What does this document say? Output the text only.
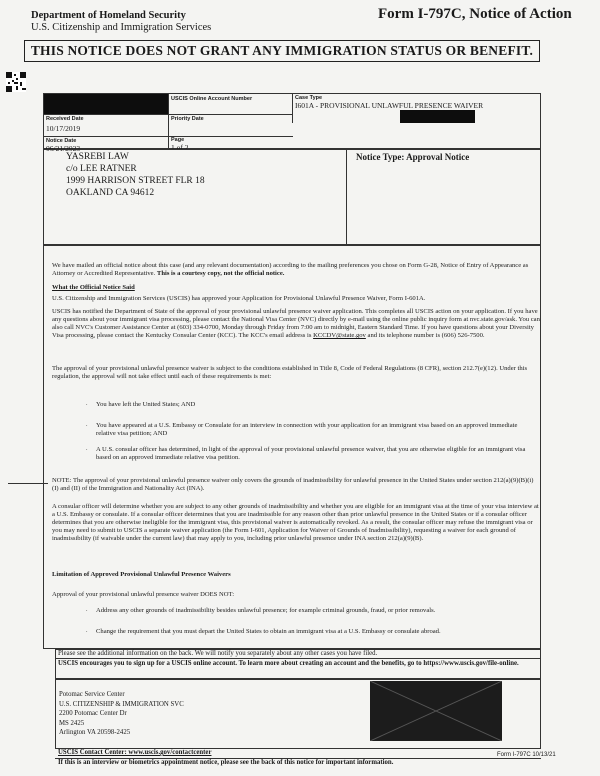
Department of Homeland Security
U.S. Citizenship and Immigration Services
Form I-797C, Notice of Action
THIS NOTICE DOES NOT GRANT ANY IMMIGRATION STATUS OR BENEFIT.
USCIS Online Account Number	Case Type
I601A - PROVISIONAL UNLAWFUL PRESENCE WAIVER
Received Date
10/17/2019
Priority Date
Notice Date
06/21/2023
Page
1 of 2
YASREBI LAW
c/o LEE RATNER
1999 HARRISON STREET FLR 18
OAKLAND CA 94612
Notice Type: Approval Notice

We have mailed an official notice about this case (and any relevant documentation) according to the mailing preferences you chose on Form G-28, Notice of Entry of Appearance as Attorney or Accredited Representative. This is a courtesy copy, not the official notice.

What the Official Notice Said
U.S. Citizenship and Immigration Services (USCIS) has approved your Application for Provisional Unlawful Presence Waiver, Form I-601A.

USCIS has notified the Department of State of the approval of your provisional unlawful presence waiver application. This completes all USCIS action on your application. If you have any questions about your immigrant visa processing, please contact the National Visa Center (NVC) directly by e-mail using the online public inquiry form at nvc.state.gov/ask. You can also call NVC's Customer Assistance Center at (603) 334-0700, Monday through Friday from 7:00 am to midnight, Eastern Standard Time. If you have questions about your Diversity Visa processing, please contact the Kentucky Consular Center (KCC). The KCC's email address is KCCDV@state.gov and its telephone number is (606) 526-7500.

The approval of your provisional unlawful presence waiver is subject to the conditions established in Title 8, Code of Federal Regulations (8 CFR), section 212.7(e)(12). Under this regulation, the approval will not take effect until each of these requirements is met:
. You have left the United States; AND
. You have appeared at a U.S. Embassy or Consulate for an interview in connection with your application for an immigrant visa based on an approved immediate relative visa petition; AND
. A U.S. consular officer has determined, in light of the approval of your provisional unlawful presence waiver, that you are otherwise eligible for an immigrant visa based on an approved immediate relative visa petition.
NOTE: The approval of your provisional unlawful presence waiver only covers the grounds of inadmissibility for unlawful presence in the United States under section 212(a)(9)(B)(i)(I) and (II) of the Immigration and Nationality Act (INA).
A consular officer will determine whether you are subject to any other grounds of inadmissibility and whether you are eligible for an immigrant visa at the time of your visa interview at a U.S. Embassy or consulate. If a consular officer determines that you are inadmissible for any reason other than prior unlawful presence in the United States or if a consular officer determines that you are otherwise ineligible for the immigrant visa, this provisional waiver is automatically revoked. As a result, the consular officer may refuse the immigrant visa or you may need to submit to USCIS a separate waiver application (the Form I-601, Application for Waiver of Grounds of Inadmissibility), requesting a waiver for each ground of inadmissibility (if waivable under the current law) that may apply to you, including prior unlawful presence under INA section 212(a)(9)(B).
Limitation of Approved Provisional Unlawful Presence Waivers
Approval of your provisional unlawful presence waiver DOES NOT:
. Address any other grounds of inadmissibility besides unlawful presence; for example criminal grounds, fraud, or prior removals.
. Change the requirement that you must depart the United States to obtain an immigrant visa at a U.S. Embassy or consulate abroad.
Please see the additional information on the back. We will notify you separately about any other cases you have filed.
USCIS encourages you to sign up for a USCIS online account. To learn more about creating an account and the benefits, go to https://www.uscis.gov/file-online.
Potomac Service Center
U.S. CITIZENSHIP & IMMIGRATION SVC
2200 Potomac Center Dr
MS 2425
Arlington VA 20598-2425
USCIS Contact Center: www.uscis.gov/contactcenter
If this is an interview or biometrics appointment notice, please see the back of this notice for important information.
Form I-797C 10/13/21
